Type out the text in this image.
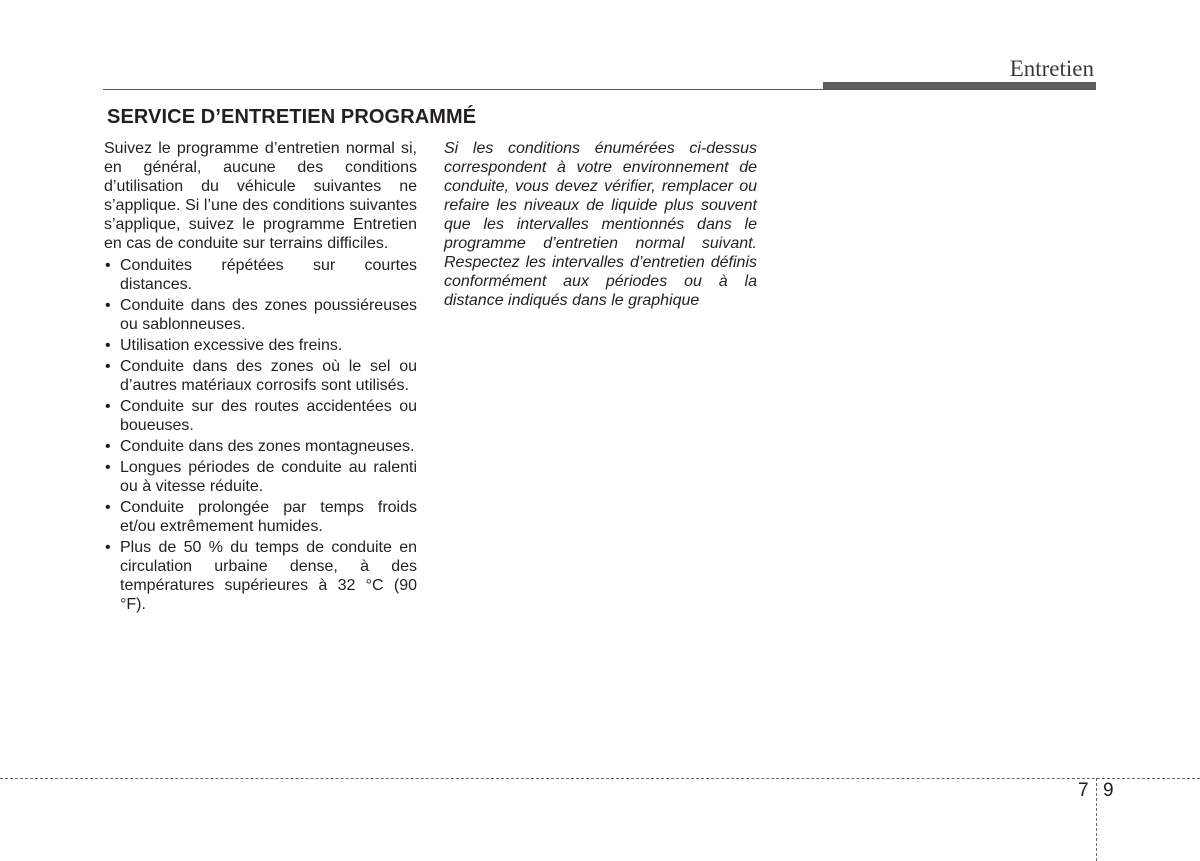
Entretien
SERVICE D’ENTRETIEN PROGRAMMÉ

Suivez le programme d’entretien normal si, en général, aucune des conditions d’utilisation du véhicule suivantes ne s’applique. Si l’une des conditions suivantes s’applique, suivez le programme Entretien en cas de conduite sur terrains difficiles.

• Conduites répétées sur courtes distances.
• Conduite dans des zones poussiéreuses ou sablonneuses.
• Utilisation excessive des freins.
• Conduite dans des zones où le sel ou d’autres matériaux corrosifs sont utilisés.
• Conduite sur des routes accidentées ou boueuses.
• Conduite dans des zones montagneuses.
• Longues périodes de conduite au ralenti ou à vitesse réduite.
• Conduite prolongée par temps froids et/ou extrêmement humides.
• Plus de 50 % du temps de conduite en circulation urbaine dense, à des températures supérieures à 32 °C (90 °F).

Si les conditions énumérées ci-dessus correspondent à votre environnement de conduite, vous devez vérifier, remplacer ou refaire les niveaux de liquide plus souvent que les intervalles mentionnés dans le programme d’entretien normal suivant. Respectez les intervalles d’entretien définis conformément aux périodes ou à la distance indiqués dans le graphique

7 9
